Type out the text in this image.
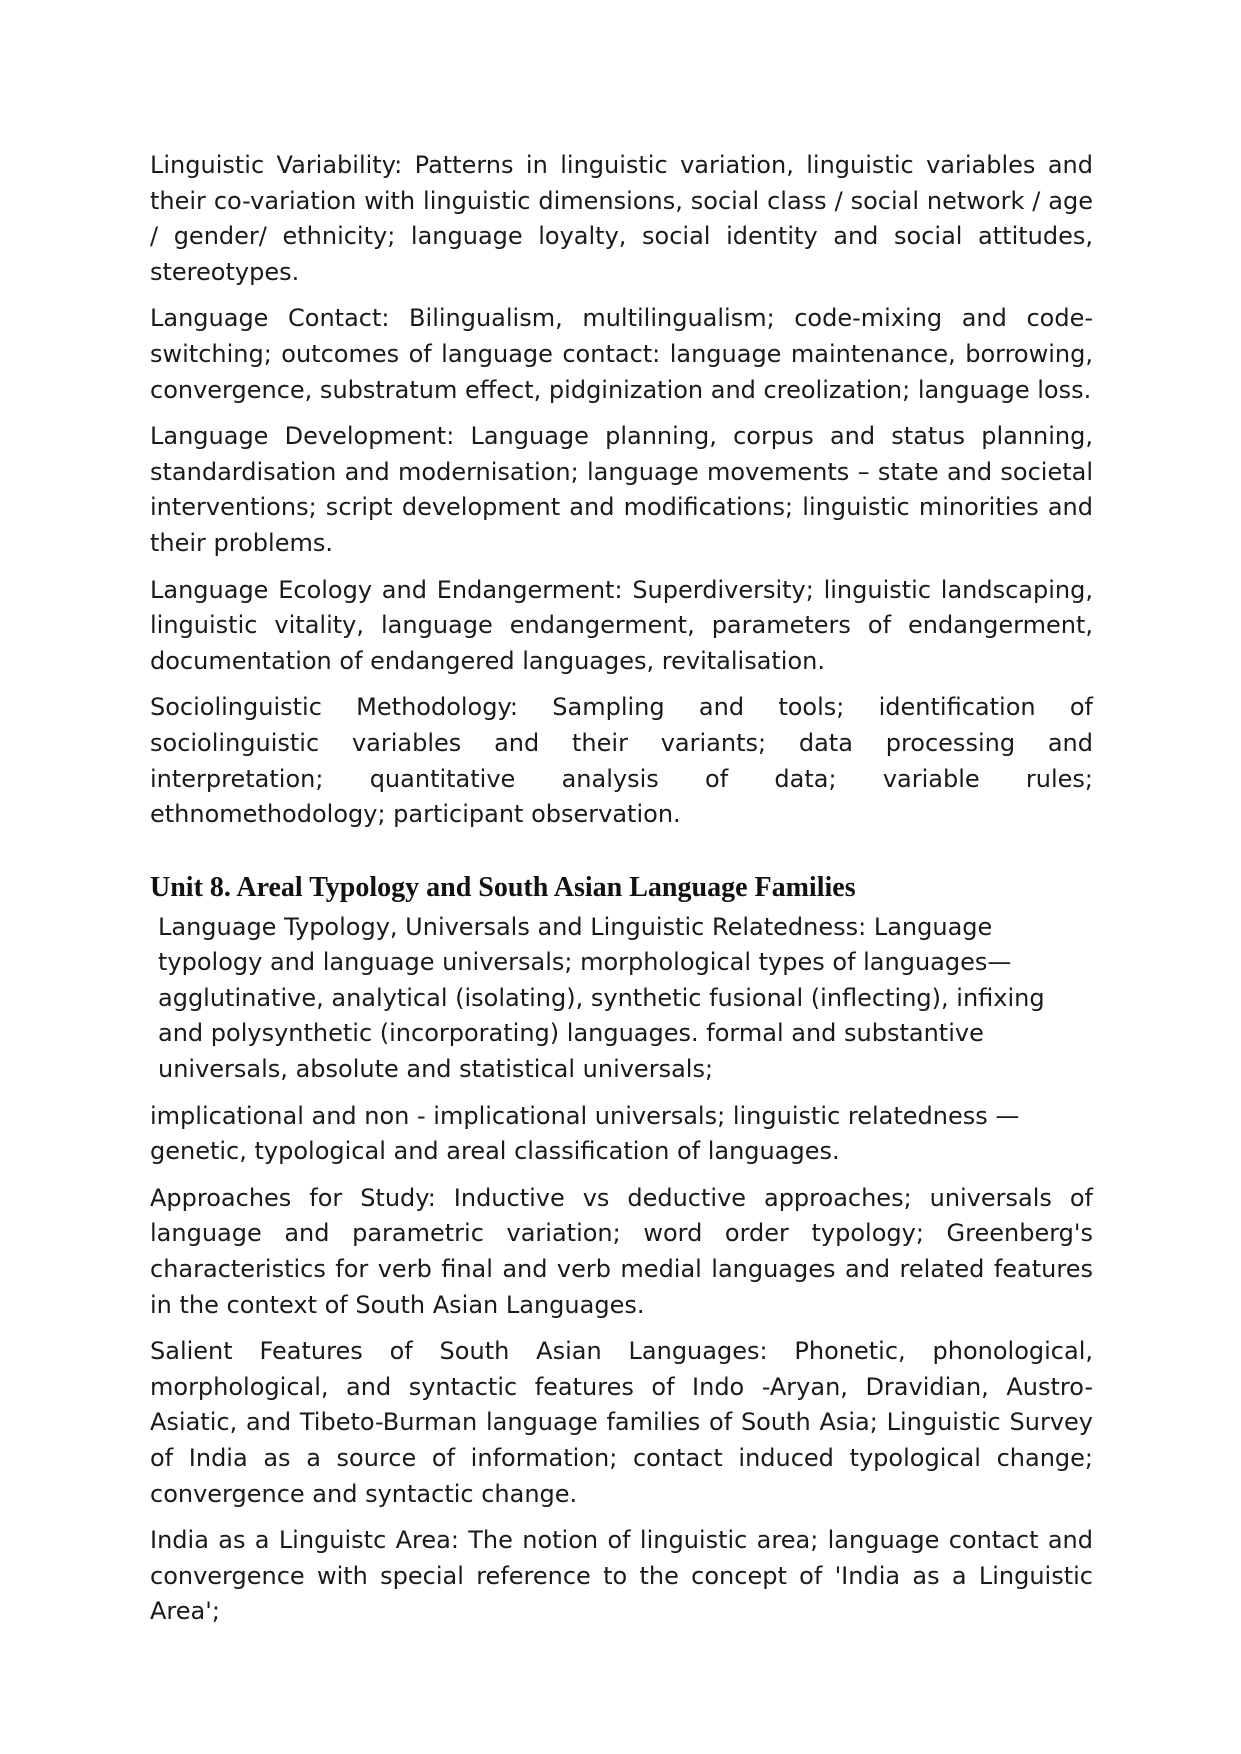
Linguistic Variability: Patterns in linguistic variation, linguistic variables and their co-variation with linguistic dimensions, social class / social network / age / gender/ ethnicity; language loyalty, social identity and social attitudes, stereotypes.

Language Contact: Bilingualism, multilingualism; code-mixing and code-switching; outcomes of language contact: language maintenance, borrowing, convergence, substratum effect, pidginization and creolization; language loss.

Language Development: Language planning, corpus and status planning, standardisation and modernisation; language movements – state and societal interventions; script development and modifications; linguistic minorities and their problems.

Language Ecology and Endangerment: Superdiversity; linguistic landscaping, linguistic vitality, language endangerment, parameters of endangerment, documentation of endangered languages, revitalisation.

Sociolinguistic Methodology: Sampling and tools; identification of sociolinguistic variables and their variants; data processing and interpretation; quantitative analysis of data; variable rules; ethnomethodology; participant observation.

Unit 8. Areal Typology and South Asian Language Families

Language Typology, Universals and Linguistic Relatedness: Language typology and language universals; morphological types of languages— agglutinative, analytical (isolating), synthetic fusional (inflecting), infixing and polysynthetic (incorporating) languages. formal and substantive universals, absolute and statistical universals;

implicational and non - implicational universals; linguistic relatedness — genetic, typological and areal classification of languages.

Approaches for Study: Inductive vs deductive approaches; universals of language and parametric variation; word order typology; Greenberg's characteristics for verb final and verb medial languages and related features in the context of South Asian Languages.

Salient Features of South Asian Languages: Phonetic, phonological, morphological, and syntactic features of Indo -Aryan, Dravidian, Austro-Asiatic, and Tibeto-Burman language families of South Asia; Linguistic Survey of India as a source of information; contact induced typological change; convergence and syntactic change.

India as a Linguistc Area: The notion of linguistic area; language contact and convergence with special reference to the concept of 'India as a Linguistic Area';
